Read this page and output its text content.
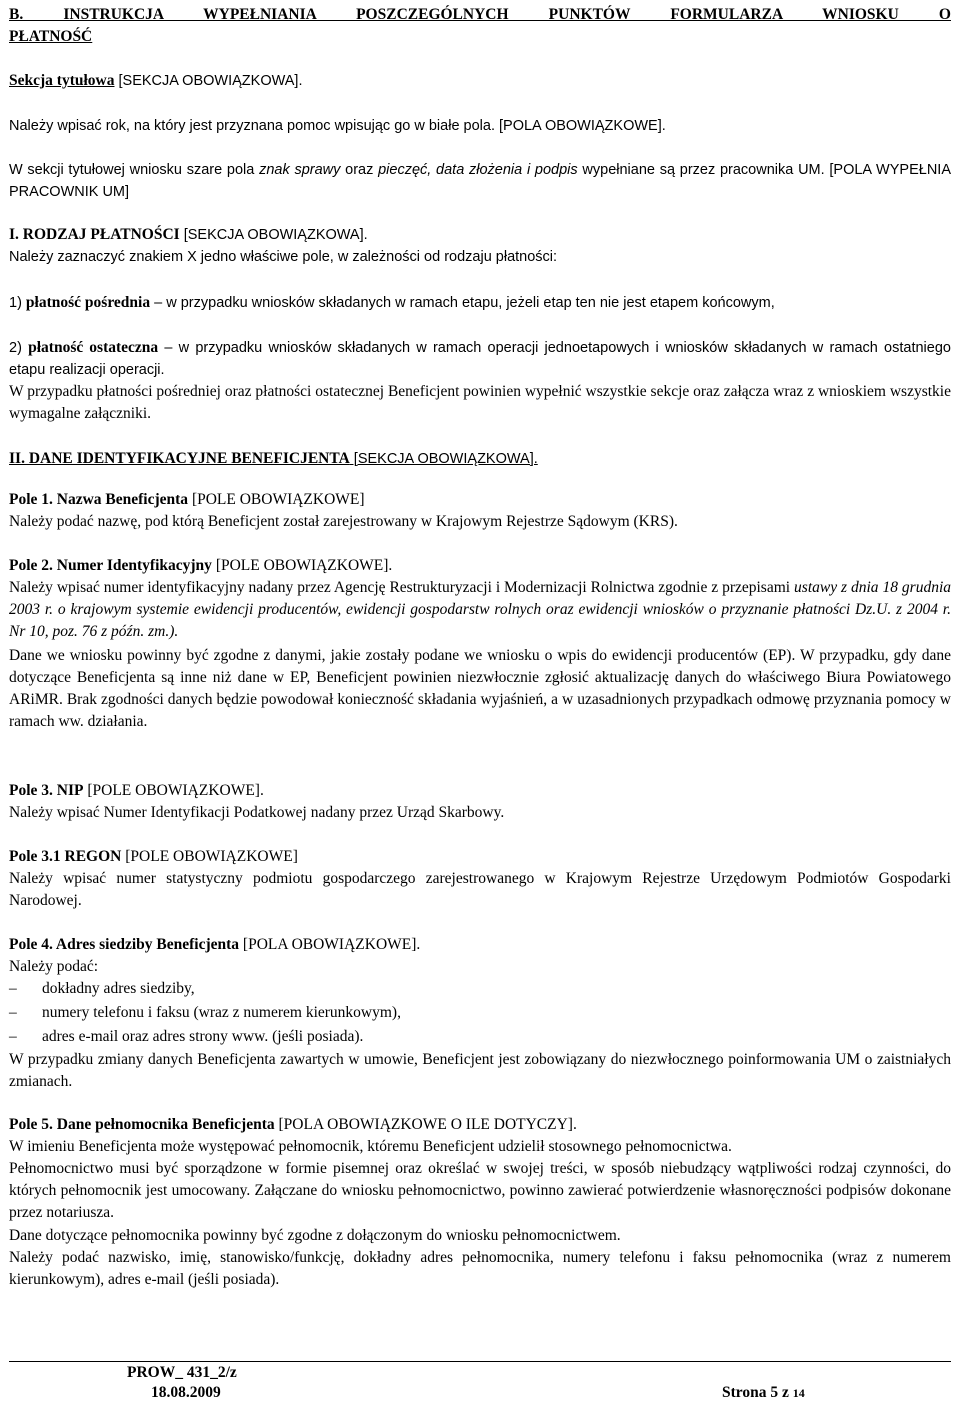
B. INSTRUKCJA WYPEŁNIANIA POSZCZEGÓLNYCH PUNKTÓW FORMULARZA WNIOSKU O
PŁATNOŚĆ
Sekcja tytułowa [SEKCJA OBOWIĄZKOWA].
Należy wpisać rok, na który jest przyznana pomoc wpisując go w białe pola. [POLA OBOWIĄZKOWE].
W sekcji tytułowej wniosku szare pola znak sprawy oraz pieczęć, data złożenia i podpis wypełniane są przez pracownika UM. [POLA WYPEŁNIA PRACOWNIK UM]
I. RODZAJ PŁATNOŚCI [SEKCJA OBOWIĄZKOWA].
Należy zaznaczyć znakiem X jedno właściwe pole, w zależności od rodzaju płatności:
1) płatność pośrednia – w przypadku wniosków składanych w ramach etapu, jeżeli etap ten nie jest etapem końcowym,
2) płatność ostateczna – w przypadku wniosków składanych w ramach operacji jednoetapowych i wniosków składanych w ramach ostatniego etapu realizacji operacji.
W przypadku płatności pośredniej oraz płatności ostatecznej Beneficjent powinien wypełnić wszystkie sekcje oraz załącza wraz z wnioskiem wszystkie wymagalne załączniki.
II. DANE IDENTYFIKACYJNE BENEFICJENTA [SEKCJA OBOWIĄZKOWA].
Pole 1. Nazwa Beneficjenta [POLE OBOWIĄZKOWE]
Należy podać nazwę, pod którą Beneficjent został zarejestrowany w Krajowym Rejestrze Sądowym (KRS).
Pole 2. Numer Identyfikacyjny [POLE OBOWIĄZKOWE].
Należy wpisać numer identyfikacyjny nadany przez Agencję Restrukturyzacji i Modernizacji Rolnictwa zgodnie z przepisami ustawy z dnia 18 grudnia 2003 r. o krajowym systemie ewidencji producentów, ewidencji gospodarstw rolnych oraz ewidencji wniosków o przyznanie płatności Dz.U. z 2004 r. Nr 10, poz. 76 z późn. zm.).
Dane we wniosku powinny być zgodne z danymi, jakie zostały podane we wniosku o wpis do ewidencji producentów (EP). W przypadku, gdy dane dotyczące Beneficjenta są inne niż dane w EP, Beneficjent powinien niezwłocznie zgłosić aktualizację danych do właściwego Biura Powiatowego ARiMR. Brak zgodności danych będzie powodował konieczność składania wyjaśnień, a w uzasadnionych przypadkach odmowę przyznania pomocy w ramach ww. działania.
Pole 3. NIP [POLE OBOWIĄZKOWE].
Należy wpisać Numer Identyfikacji Podatkowej nadany przez Urząd Skarbowy.
Pole 3.1 REGON [POLE OBOWIĄZKOWE]
Należy wpisać numer statystyczny podmiotu gospodarczego zarejestrowanego w Krajowym Rejestrze Urzędowym Podmiotów Gospodarki Narodowej.
Pole 4. Adres siedziby Beneficjenta [POLA OBOWIĄZKOWE].
Należy podać:
–	dokładny adres siedziby,
–	numery telefonu i faksu (wraz z numerem kierunkowym),
–	adres e-mail oraz adres strony www. (jeśli posiada).
W przypadku zmiany danych Beneficjenta zawartych w umowie, Beneficjent jest zobowiązany do niezwłocznego poinformowania UM o zaistniałych zmianach.
Pole 5. Dane pełnomocnika Beneficjenta [POLA OBOWIĄZKOWE O ILE DOTYCZY].
W imieniu Beneficjenta może występować pełnomocnik, któremu Beneficjent udzielił stosownego pełnomocnictwa.
Pełnomocnictwo musi być sporządzone w formie pisemnej oraz określać w swojej treści, w sposób niebudzący wątpliwości rodzaj czynności, do których pełnomocnik jest umocowany. Załączane do wniosku pełnomocnictwo, powinno zawierać potwierdzenie własnoręczności podpisów dokonane przez notariusza.
Dane dotyczące pełnomocnika powinny być zgodne z dołączonym do wniosku pełnomocnictwem.
Należy podać nazwisko, imię, stanowisko/funkcję, dokładny adres pełnomocnika, numery telefonu i faksu pełnomocnika (wraz z numerem kierunkowym), adres e-mail (jeśli posiada).
PROW_ 431_2/z
18.08.2009	Strona 5 z 14
